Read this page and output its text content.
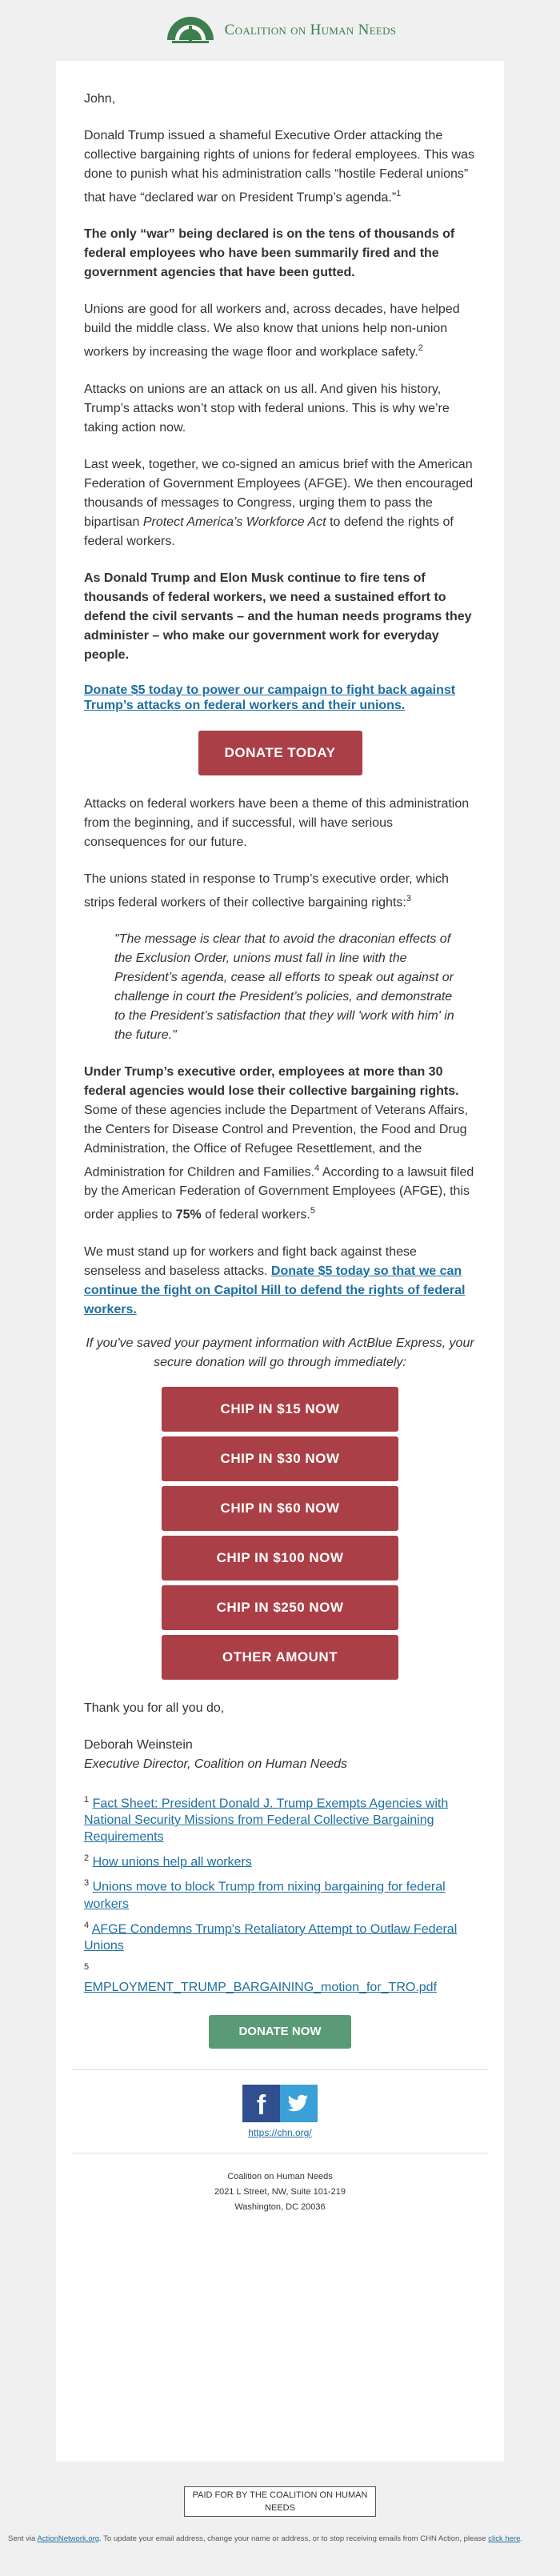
Coalition on Human Needs

John,

Donald Trump issued a shameful Executive Order attacking the collective bargaining rights of unions for federal employees. This was done to punish what his administration calls “hostile Federal unions” that have “declared war on President Trump’s agenda.”$^1$

The only “war” being declared is on the tens of thousands of federal employees who have been summarily fired and the government agencies that have been gutted.

Unions are good for all workers and, across decades, have helped build the middle class. We also know that unions help non-union workers by increasing the wage floor and workplace safety.$^2$

Attacks on unions are an attack on us all. And given his history, Trump’s attacks won’t stop with federal unions. This is why we’re taking action now.

Last week, together, we co-signed an amicus brief with the American Federation of Government Employees (AFGE). We then encouraged thousands of messages to Congress, urging them to pass the bipartisan Protect America’s Workforce Act to defend the rights of federal workers.

As Donald Trump and Elon Musk continue to fire tens of thousands of federal workers, we need a sustained effort to defend the civil servants – and the human needs programs they administer – who make our government work for everyday people.

Donate $5 today to power our campaign to fight back against Trump’s attacks on federal workers and their unions.

DONATE TODAY

Attacks on federal workers have been a theme of this administration from the beginning, and if successful, will have serious consequences for our future.

The unions stated in response to Trump’s executive order, which strips federal workers of their collective bargaining rights:$^3$

"The message is clear that to avoid the draconian effects of the Exclusion Order, unions must fall in line with the President’s agenda, cease all efforts to speak out against or challenge in court the President’s policies, and demonstrate to the President’s satisfaction that they will 'work with him' in the future."

Under Trump’s executive order, employees at more than 30 federal agencies would lose their collective bargaining rights. Some of these agencies include the Department of Veterans Affairs, the Centers for Disease Control and Prevention, the Food and Drug Administration, the Office of Refugee Resettlement, and the Administration for Children and Families.$^4$ According to a lawsuit filed by the American Federation of Government Employees (AFGE), this order applies to 75% of federal workers.$^5$

We must stand up for workers and fight back against these senseless and baseless attacks. Donate $5 today so that we can continue the fight on Capitol Hill to defend the rights of federal workers.

If you've saved your payment information with ActBlue Express, your secure donation will go through immediately:
CHIP IN $15 NOW
CHIP IN $30 NOW
CHIP IN $60 NOW
CHIP IN $100 NOW
CHIP IN $250 NOW
OTHER AMOUNT

Thank you for all you do,

Deborah Weinstein

Executive Director, Coalition on Human Needs

$^1$ Fact Sheet: President Donald J. Trump Exempts Agencies with National Security Missions from Federal Collective Bargaining Requirements
$^2$ How unions help all workers
$^3$ Unions move to block Trump from nixing bargaining for federal workers
$^4$ AFGE Condemns Trump's Retaliatory Attempt to Outlaw Federal Unions
$^5$
EMPLOYMENT_TRUMP_BARGAINING_motion_for_TRO.pdf
DONATE NOW
f
https://chn.org/
Coalition on Human Needs
2021 L Street, NW, Suite 101-219
Washington, DC 20036
PAID FOR BY THE COALITION ON HUMAN NEEDS
Sent via ActionNetwork.org. To update your email address, change your name or address, or to stop receiving emails from CHN Action, please click here.
